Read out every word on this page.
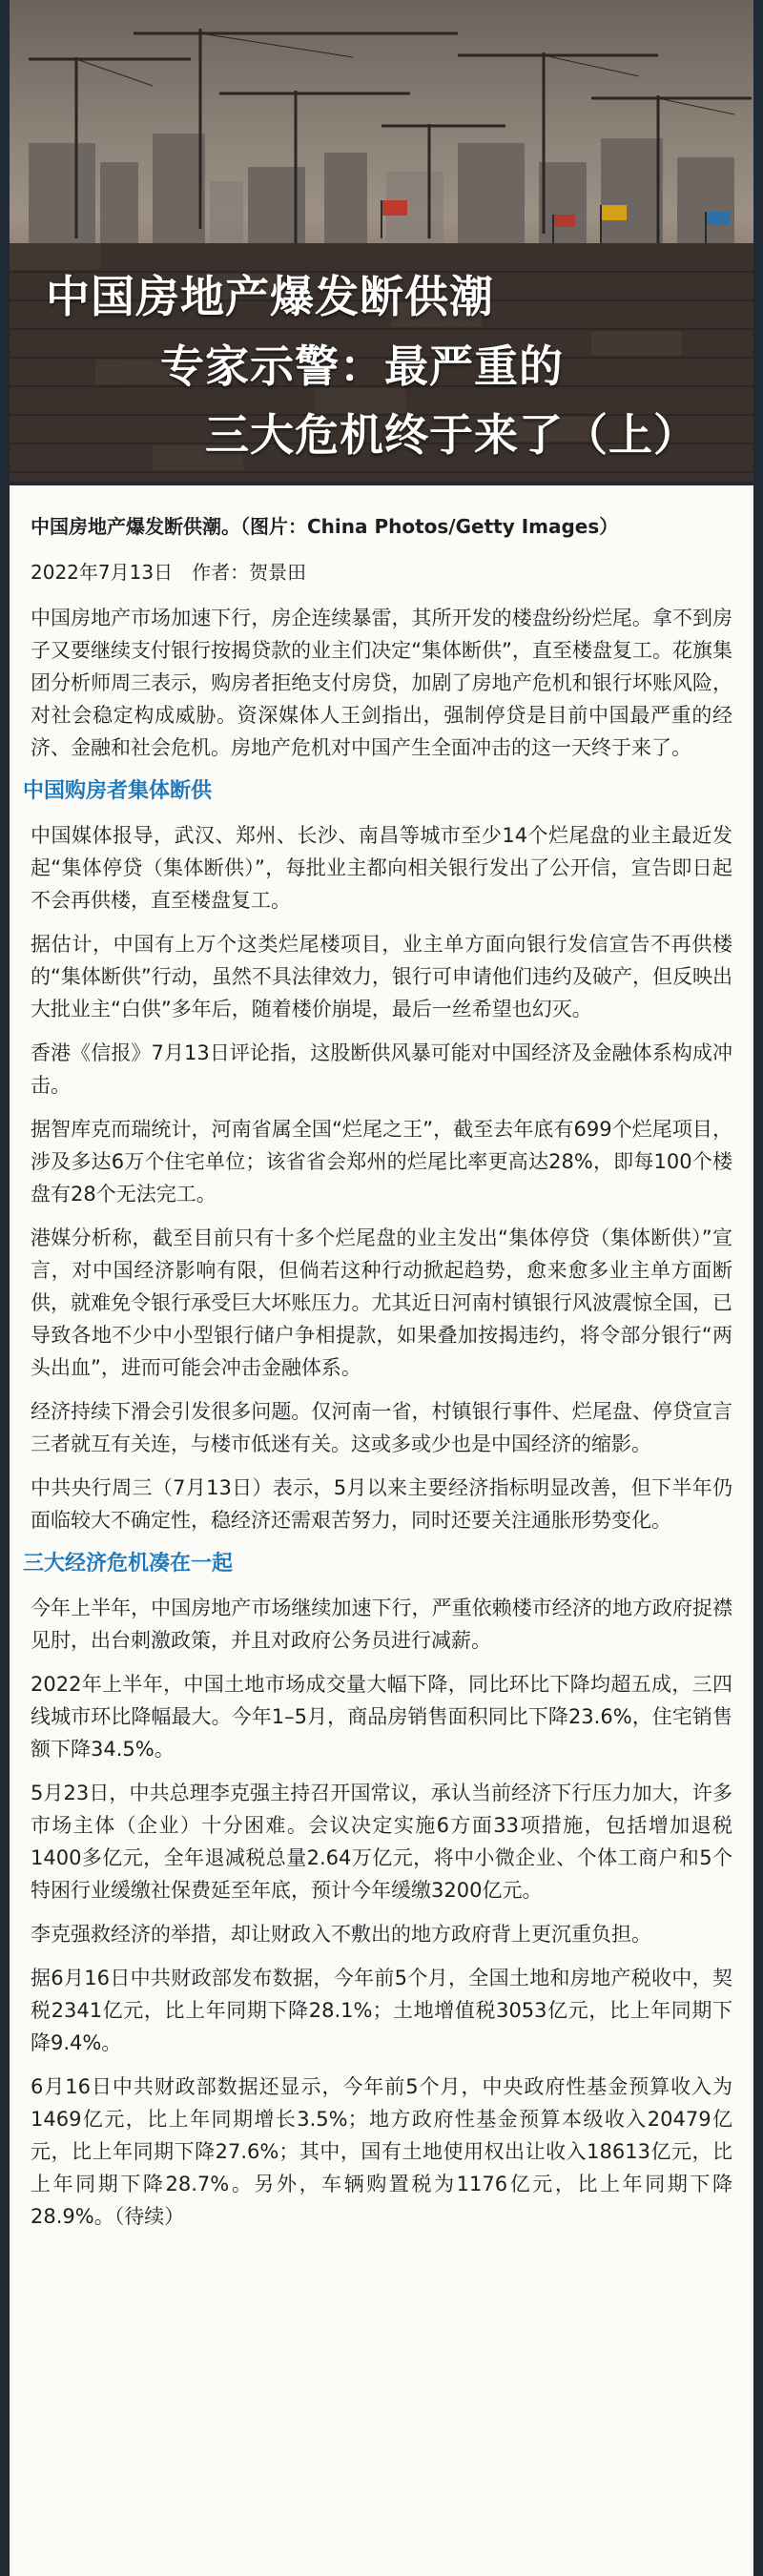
中国房地产爆发断供潮
专家示警：最严重的
三大危机终于来了（上）
中国房地产爆发断供潮。（图片：China Photos/Getty Images）
2022年7月13日　作者：贺景田
中国房地产市场加速下行，房企连续暴雷，其所开发的楼盘纷纷烂尾。拿不到房子又要继续支付银行按揭贷款的业主们决定“集体断供”，直至楼盘复工。花旗集团分析师周三表示，购房者拒绝支付房贷，加剧了房地产危机和银行坏账风险，对社会稳定构成威胁。资深媒体人王剑指出，强制停贷是目前中国最严重的经济、金融和社会危机。房地产危机对中国产生全面冲击的这一天终于来了。
中国购房者集体断供
中国媒体报导，武汉、郑州、长沙、南昌等城市至少14个烂尾盘的业主最近发起“集体停贷（集体断供）”，每批业主都向相关银行发出了公开信，宣告即日起不会再供楼，直至楼盘复工。
据估计，中国有上万个这类烂尾楼项目，业主单方面向银行发信宣告不再供楼的“集体断供”行动，虽然不具法律效力，银行可申请他们违约及破产，但反映出大批业主“白供”多年后，随着楼价崩堤，最后一丝希望也幻灭。
香港《信报》7月13日评论指，这股断供风暴可能对中国经济及金融体系构成冲击。
据智库克而瑞统计，河南省属全国“烂尾之王”，截至去年底有699个烂尾项目，涉及多达6万个住宅单位；该省省会郑州的烂尾比率更高达28%，即每100个楼盘有28个无法完工。
港媒分析称，截至目前只有十多个烂尾盘的业主发出“集体停贷（集体断供）”宣言，对中国经济影响有限，但倘若这种行动掀起趋势，愈来愈多业主单方面断供，就难免令银行承受巨大坏账压力。尤其近日河南村镇银行风波震惊全国，已导致各地不少中小型银行储户争相提款，如果叠加按揭违约，将令部分银行“两头出血”，进而可能会冲击金融体系。
经济持续下滑会引发很多问题。仅河南一省，村镇银行事件、烂尾盘、停贷宣言三者就互有关连，与楼市低迷有关。这或多或少也是中国经济的缩影。
中共央行周三（7月13日）表示，5月以来主要经济指标明显改善，但下半年仍面临较大不确定性，稳经济还需艰苦努力，同时还要关注通胀形势变化。
三大经济危机凑在一起
今年上半年，中国房地产市场继续加速下行，严重依赖楼市经济的地方政府捉襟见肘，出台刺激政策，并且对政府公务员进行减薪。
2022年上半年，中国土地市场成交量大幅下降，同比环比下降均超五成，三四线城市环比降幅最大。今年1–5月，商品房销售面积同比下降23.6%，住宅销售额下降34.5%。
5月23日，中共总理李克强主持召开国常议，承认当前经济下行压力加大，许多市场主体（企业）十分困难。会议决定实施6方面33项措施，包括增加退税1400多亿元，全年退减税总量2.64万亿元，将中小微企业、个体工商户和5个特困行业缓缴社保费延至年底，预计今年缓缴3200亿元。
李克强救经济的举措，却让财政入不敷出的地方政府背上更沉重负担。
据6月16日中共财政部发布数据，今年前5个月，全国土地和房地产税收中，契税2341亿元，比上年同期下降28.1%；土地增值税3053亿元，比上年同期下降9.4%。
6月16日中共财政部数据还显示，今年前5个月，中央政府性基金预算收入为1469亿元，比上年同期增长3.5%；地方政府性基金预算本级收入20479亿元，比上年同期下降27.6%；其中，国有土地使用权出让收入18613亿元，比上年同期下降28.7%。另外，车辆购置税为1176亿元，比上年同期下降28.9%。（待续）
